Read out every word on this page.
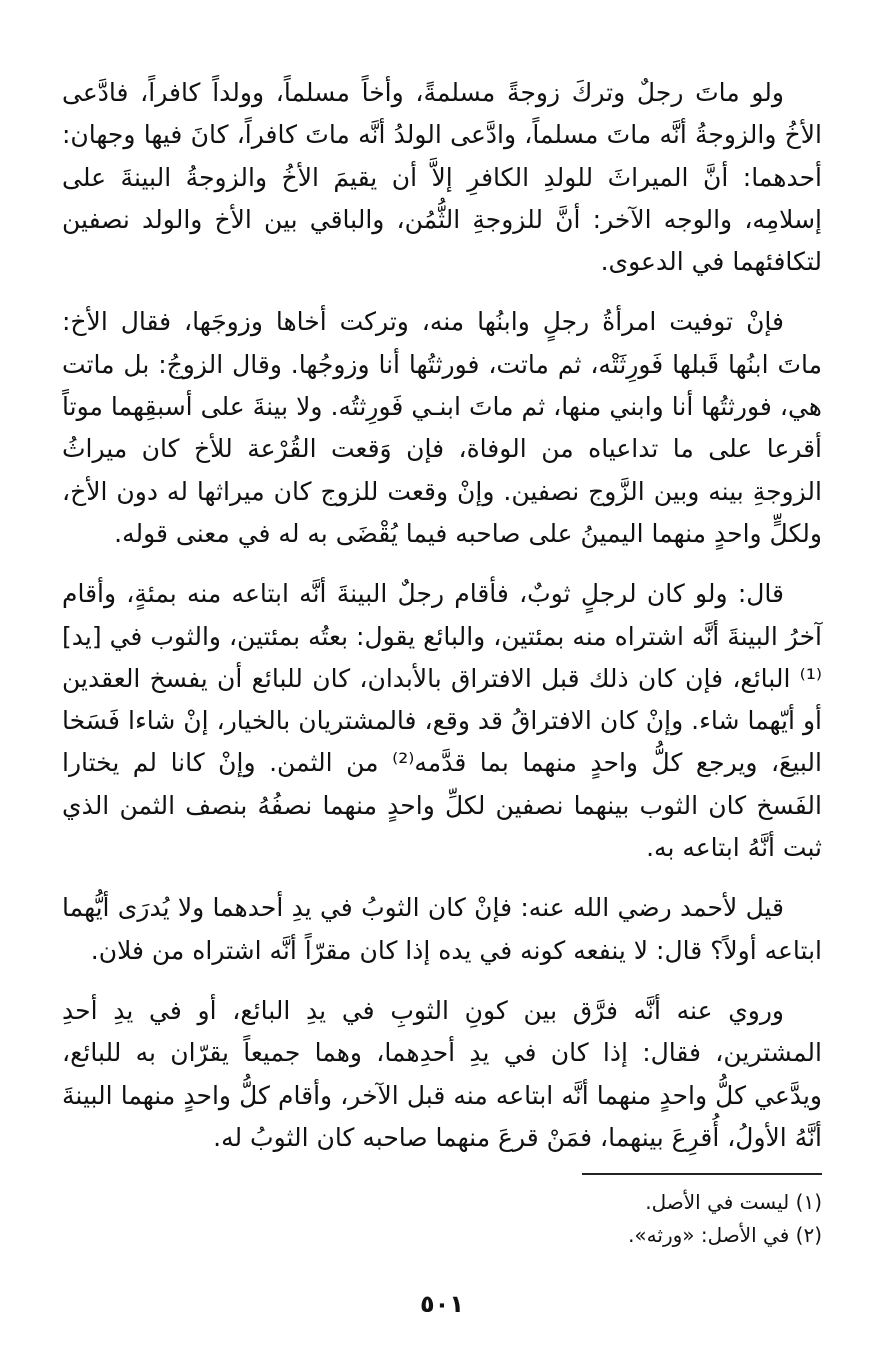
ولو ماتَ رجلٌ وتركَ زوجةً مسلمةً، وأخاً مسلماً، وولداً كافراً، فادَّعى الأخُ والزوجةُ أنَّه ماتَ مسلماً، وادَّعى الولدُ أنَّه ماتَ كافراً، كانَ فيها وجهان: أحدهما: أنَّ الميراثَ للولدِ الكافرِ إلاَّ أن يقيمَ الأخُ والزوجةُ البينةَ على إسلامِه، والوجه الآخر: أنَّ للزوجةِ الثُّمُن، والباقي بين الأخ والولد نصفين لتكافئهما في الدعوى.

فإنْ توفيت امرأةُ رجلٍ وابنُها منه، وتركت أخاها وزوجَها، فقال الأخ: ماتَ ابنُها قَبلها فَورِثَتْه، ثم ماتت، فورثتُها أنا وزوجُها. وقال الزوجُ: بل ماتت هي، فورثتُها أنا وابني منها، ثم ماتَ ابنـي فَورِثتُه. ولا بينةَ على أسبقِهما موتاً أقرعا على ما تداعياه من الوفاة، فإن وَقعت القُرْعة للأخ كان ميراثُ الزوجةِ بينه وبين الزَّوج نصفين. وإنْ وقعت للزوج كان ميراثها له دون الأخ، ولكلٍّ واحدٍ منهما اليمينُ على صاحبه فيما يُقْضَى به له في معنى قوله.

قال: ولو كان لرجلٍ ثوبٌ، فأقام رجلٌ البينةَ أنَّه ابتاعه منه بمئةٍ، وأقام آخرُ البينةَ أنَّه اشتراه منه بمئتين، والبائع يقول: بعتُه بمئتين، والثوب في [يد]⁽¹⁾ البائع، فإن كان ذلك قبل الافتراق بالأبدان، كان للبائع أن يفسخ العقدين أو أيّهما شاء. وإنْ كان الافتراقُ قد وقع، فالمشتريان بالخيار، إنْ شاءا فَسَخا البيعَ، ويرجع كلُّ واحدٍ منهما بما قدَّمه⁽²⁾ من الثمن. وإنْ كانا لم يختارا الفَسخ كان الثوب بينهما نصفين لكلِّ واحدٍ منهما نصفُهُ بنصف الثمن الذي ثبت أنَّهُ ابتاعه به.

قيل لأحمد رضي الله عنه: فإنْ كان الثوبُ في يدِ أحدهما ولا يُدرَى أيُّهما ابتاعه أولاً؟ قال: لا ينفعه كونه في يده إذا كان مقرّاً أنَّه اشتراه من فلان.

وروي عنه أنَّه فرَّق بين كونِ الثوبِ في يدِ البائع، أو في يدِ أحدِ المشترين، فقال: إذا كان في يدِ أحدِهما، وهما جميعاً يقرّان به للبائع، ويدَّعي كلُّ واحدٍ منهما أنَّه ابتاعه منه قبل الآخر، وأقام كلُّ واحدٍ منهما البينةَ أنَّهُ الأولُ، أُقرِعَ بينهما، فمَنْ قرعَ منهما صاحبه كان الثوبُ له.

(١) ليست في الأصل.

(٢) في الأصل: «ورثه».

٥٠١
